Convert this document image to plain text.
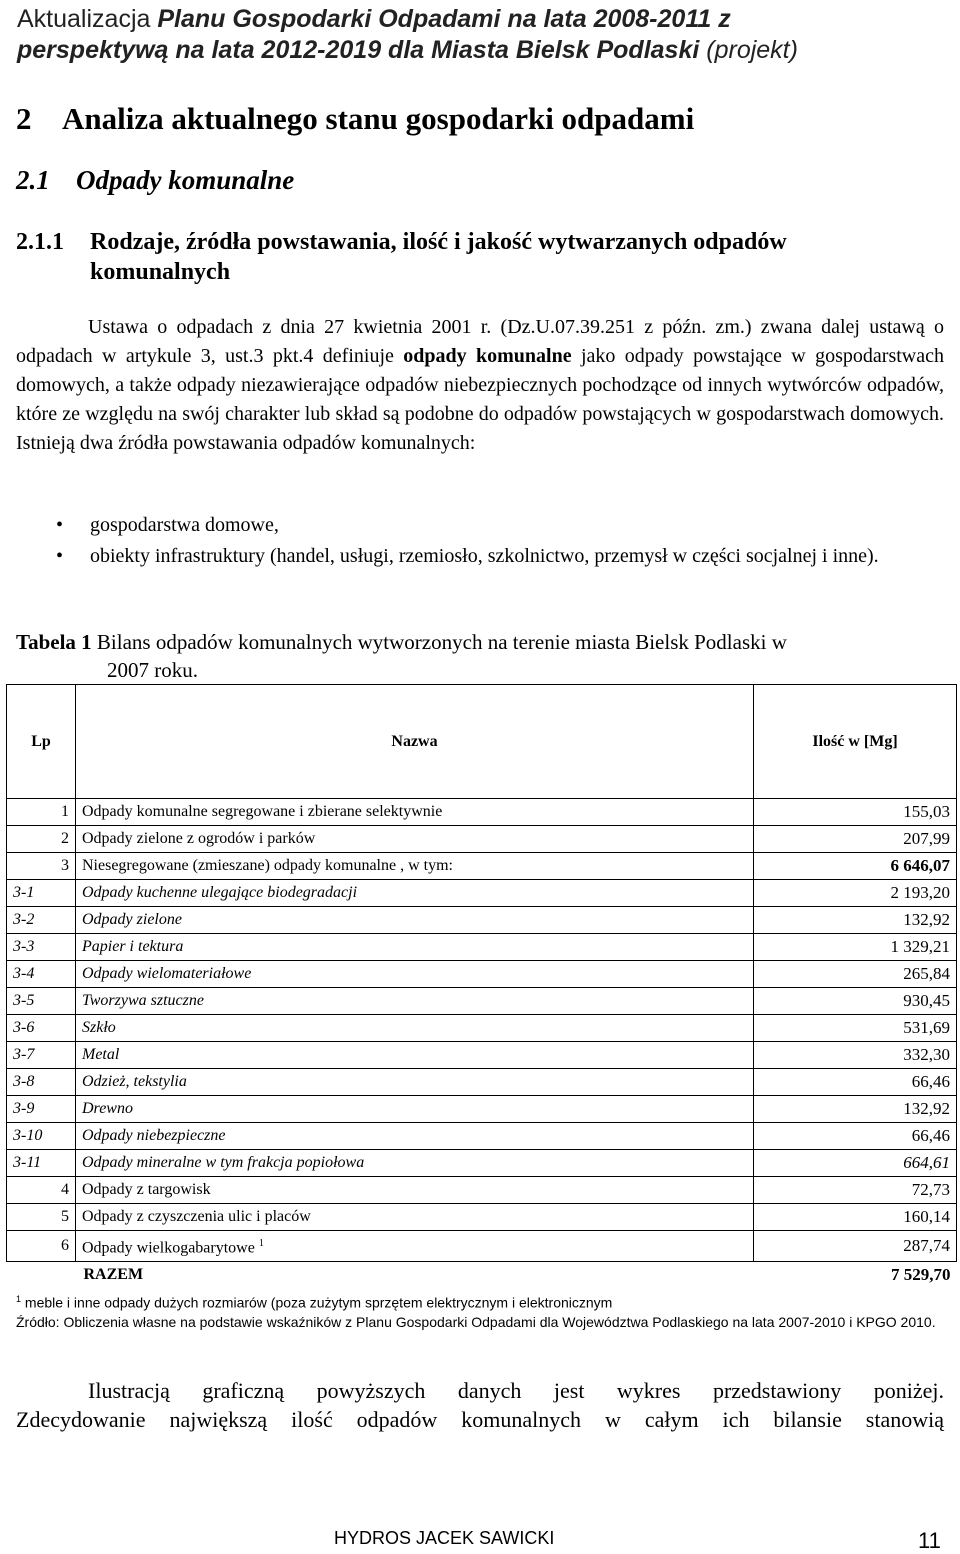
Aktualizacja Planu Gospodarki Odpadami na lata 2008-2011 z
perspektywą na lata 2012-2019 dla Miasta Bielsk Podlaski (projekt)
2 Analiza aktualnego stanu gospodarki odpadami
2.1 Odpady komunalne
2.1.1 Rodzaje, źródła powstawania, ilość i jakość wytwarzanych odpadów
komunalnych
Ustawa o odpadach z dnia 27 kwietnia 2001 r. (Dz.U.07.39.251 z późn. zm.) zwana dalej ustawą o odpadach w artykule 3, ust.3 pkt.4 definiuje odpady komunalne jako odpady powstające w gospodarstwach domowych, a także odpady niezawierające odpadów niebezpiecznych pochodzące od innych wytwórców odpadów, które ze względu na swój charakter lub skład są podobne do odpadów powstających w gospodarstwach domowych. Istnieją dwa źródła powstawania odpadów komunalnych:
• gospodarstwa domowe,
• obiekty infrastruktury (handel, usługi, rzemiosło, szkolnictwo, przemysł w części socjalnej i inne).
Tabela 1 Bilans odpadów komunalnych wytworzonych na terenie miasta Bielsk Podlaski w
2007 roku.
Lp	Nazwa	Ilość w [Mg]
1	Odpady komunalne segregowane i zbierane selektywnie	155,03
2	Odpady zielone z ogrodów i parków	207,99
3	Niesegregowane (zmieszane) odpady komunalne , w tym:	6 646,07
3-1	Odpady kuchenne ulegające biodegradacji	2 193,20
3-2	Odpady zielone	132,92
3-3	Papier i tektura	1 329,21
3-4	Odpady wielomateriałowe	265,84
3-5	Tworzywa sztuczne	930,45
3-6	Szkło	531,69
3-7	Metal	332,30
3-8	Odzież, tekstylia	66,46
3-9	Drewno	132,92
3-10	Odpady niebezpieczne	66,46
3-11	Odpady mineralne w tym frakcja popiołowa	664,61
4	Odpady z targowisk	72,73
5	Odpady z czyszczenia ulic i placów	160,14
6	Odpady wielkogabarytowe $^1$	287,74
	RAZEM	7 529,70
$^1$ meble i inne odpady dużych rozmiarów (poza zużytym sprzętem elektrycznym i elektronicznym
Źródło: Obliczenia własne na podstawie wskaźników z Planu Gospodarki Odpadami dla Województwa Podlaskiego na lata 2007-2010 i KPGO 2010.
Ilustracją graficzną powyższych danych jest wykres przedstawiony poniżej.
Zdecydowanie największą ilość odpadów komunalnych w całym ich bilansie stanowią
HYDROS JACEK SAWICKI	11
